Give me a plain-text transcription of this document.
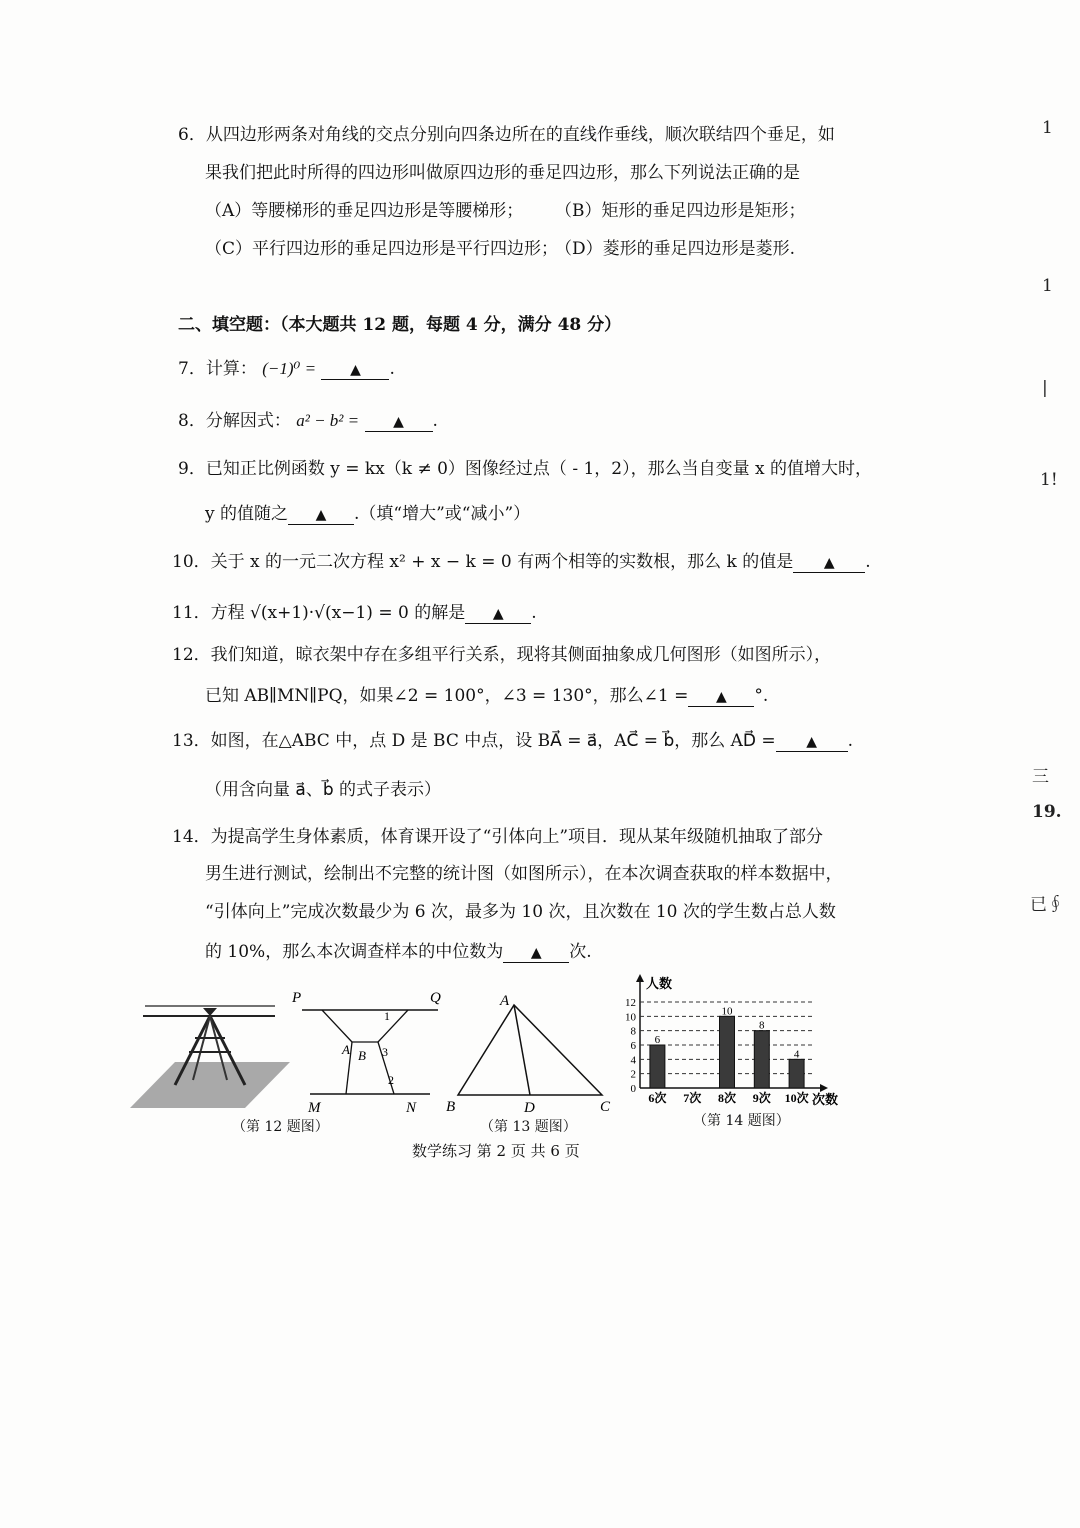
1
1
|
1!
三
19.
已∮
6．从四边形两条对角线的交点分别向四条边所在的直线作垂线，顺次联结四个垂足，如
果我们把此时所得的四边形叫做原四边形的垂足四边形，那么下列说法正确的是
（A）等腰梯形的垂足四边形是等腰梯形； （B）矩形的垂足四边形是矩形；
（C）平行四边形的垂足四边形是平行四边形；
（D）菱形的垂足四边形是菱形.
二、填空题：（本大题共 12 题，每题 4 分，满分 48 分）
7．计算： (−1)⁰ = ▲ .
8．分解因式： a² − b² = ▲ .
9．已知正比例函数 y = kx（k ≠ 0）图像经过点（ - 1，2），那么当自变量 x 的值增大时，
y 的值随之 ▲ .（填“增大”或“减小”）
10．关于 x 的一元二次方程 x² + x − k = 0 有两个相等的实数根，那么 k 的值是 ▲ .
11．方程 √(x+1)·√(x−1) = 0 的解是 ▲ .
12．我们知道，晾衣架中存在多组平行关系，现将其侧面抽象成几何图形（如图所示），
已知 AB∥MN∥PQ，如果∠2 = 100°，∠3 = 130°，那么∠1 = ▲ °.
13．如图，在△ABC 中，点 D 是 BC 中点，设 BA⃗ = a⃗，AC⃗ = b⃗，那么 AD⃗ = ▲ .
（用含向量 a⃗、b⃗ 的式子表示）
14．为提高学生身体素质，体育课开设了“引体向上”项目．现从某年级随机抽取了部分
男生进行测试，绘制出不完整的统计图（如图所示），在本次调查获取的样本数据中，
“引体向上”完成次数最少为 6 次，最多为 10 次，且次数在 10 次的学生数占总人数
的 10%，那么本次调查样本的中位数为 ▲ 次.
P	Q
A B
1
3
2
M	N
（第 12 题图）
A
B	D	C
（第 13 题图）
人数
次数
0
2
4
6
8
10
12
6
10
8
4
6次 7次 8次 9次 10次
（第 14 题图）
数学练习 第 2 页 共 6 页
